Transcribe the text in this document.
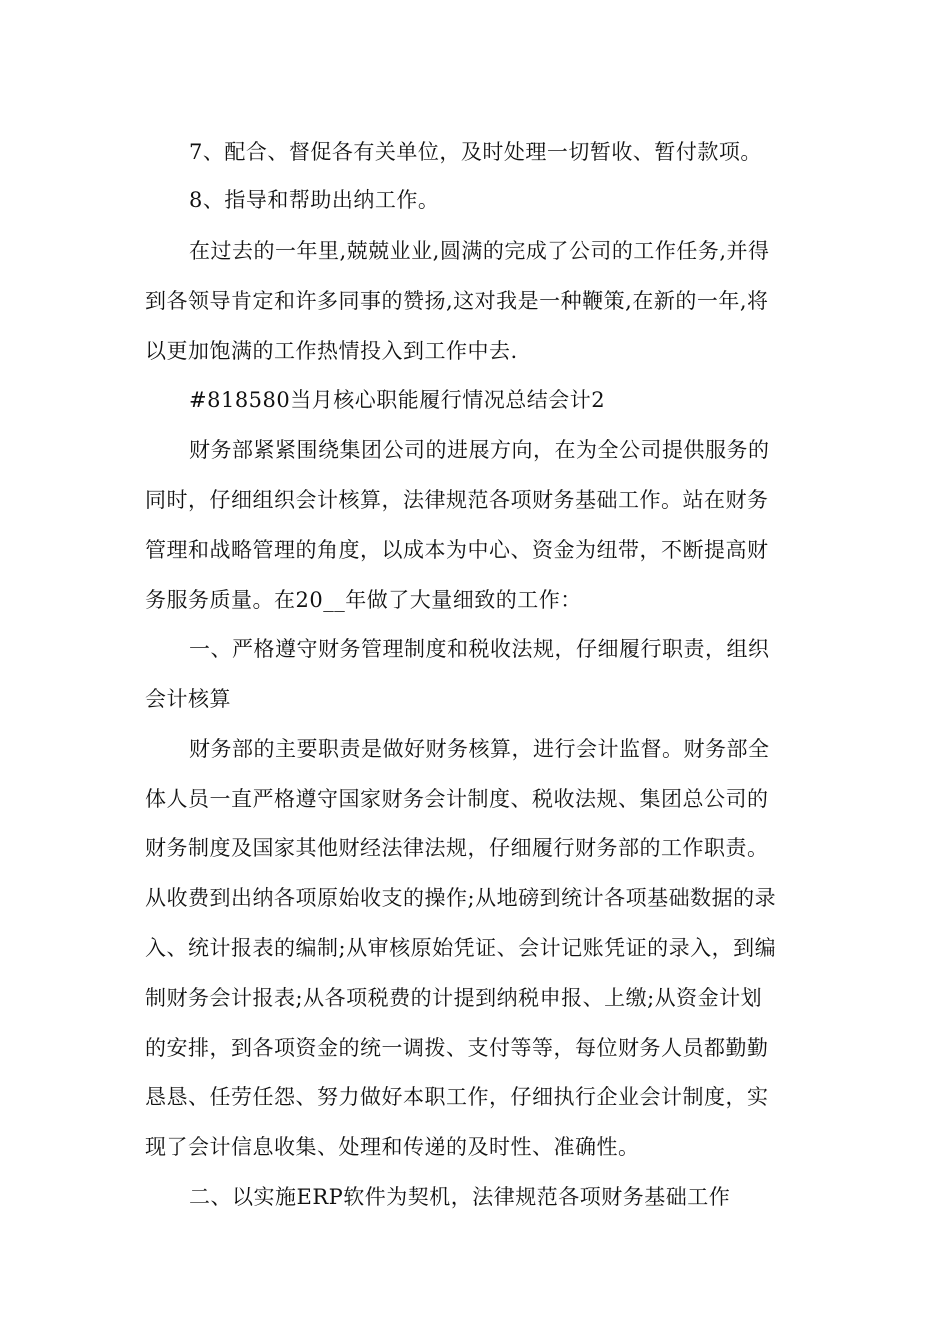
7、配合、督促各有关单位，及时处理一切暂收、暂付款项。
8、指导和帮助出纳工作。
在过去的一年里,兢兢业业,圆满的完成了公司的工作任务,并得
到各领导肯定和许多同事的赞扬,这对我是一种鞭策,在新的一年,将
以更加饱满的工作热情投入到工作中去.
#818580当月核心职能履行情况总结会计2
财务部紧紧围绕集团公司的进展方向，在为全公司提供服务的
同时，仔细组织会计核算，法律规范各项财务基础工作。站在财务
管理和战略管理的角度，以成本为中心、资金为纽带，不断提高财
务服务质量。在20__年做了大量细致的工作：
一、严格遵守财务管理制度和税收法规，仔细履行职责，组织
会计核算
财务部的主要职责是做好财务核算，进行会计监督。财务部全
体人员一直严格遵守国家财务会计制度、税收法规、集团总公司的
财务制度及国家其他财经法律法规，仔细履行财务部的工作职责。
从收费到出纳各项原始收支的操作;从地磅到统计各项基础数据的录
入、统计报表的编制;从审核原始凭证、会计记账凭证的录入，到编
制财务会计报表;从各项税费的计提到纳税申报、上缴;从资金计划
的安排，到各项资金的统一调拨、支付等等，每位财务人员都勤勤
恳恳、任劳任怨、努力做好本职工作，仔细执行企业会计制度，实
现了会计信息收集、处理和传递的及时性、准确性。
二、以实施ERP软件为契机，法律规范各项财务基础工作
